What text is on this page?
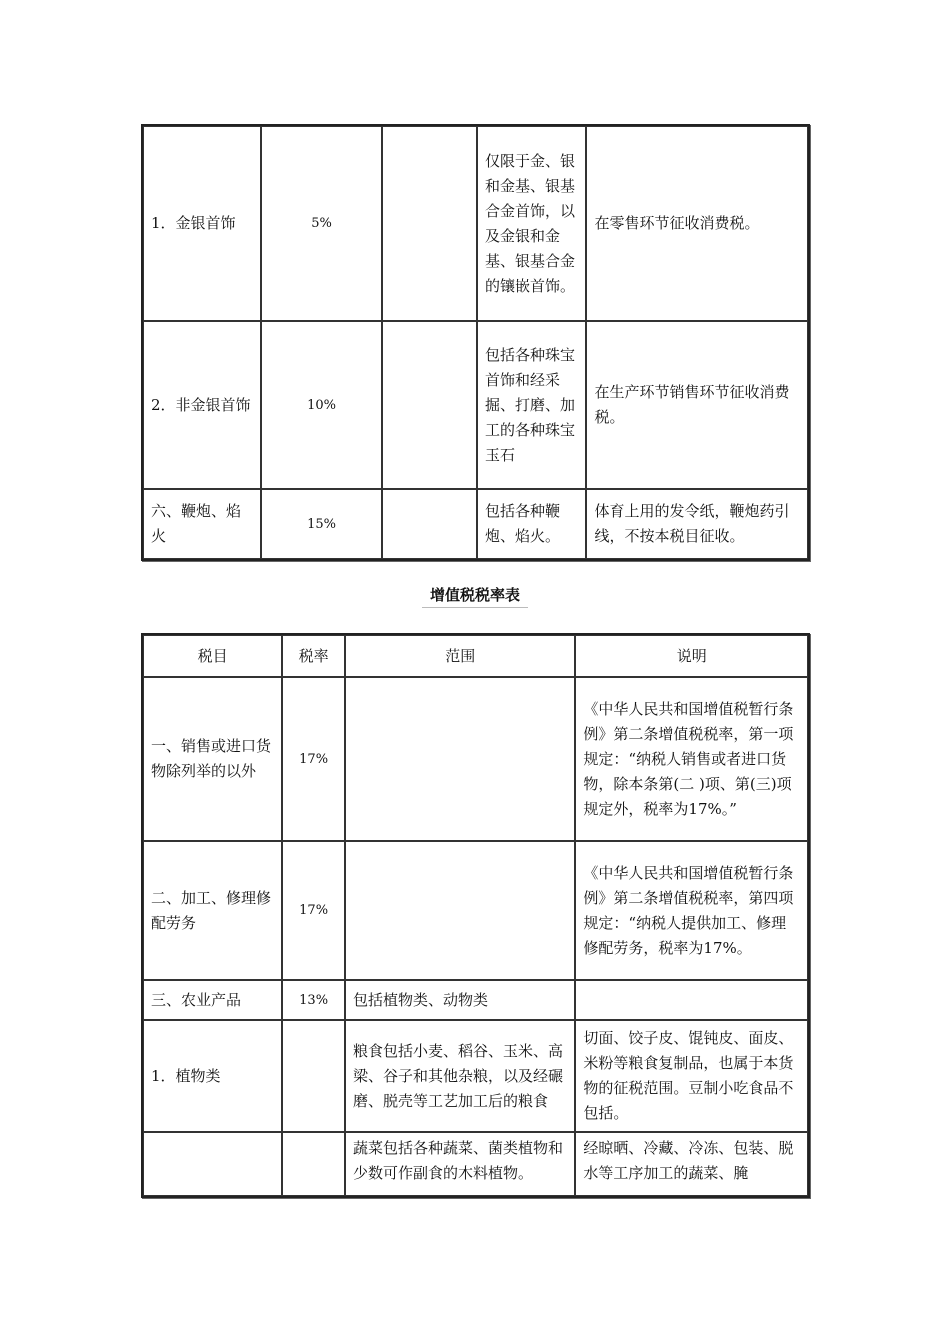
1．金银首饰	5%		仅限于金、银和金基、银基合金首饰，以及金银和金基、银基合金的镶嵌首饰。	在零售环节征收消费税。
2．非金银首饰	10%		包括各种珠宝首饰和经采掘、打磨、加工的各种珠宝玉石	在生产环节销售环节征收消费税。
六、鞭炮、焰火	15%		包括各种鞭炮、焰火。	体育上用的发令纸，鞭炮药引线，不按本税目征收。
增值税税率表
税目	税率	范围	说明
一、销售或进口货物除列举的以外	17%		《中华人民共和国增值税暂行条例》第二条增值税税率，第一项规定：“纳税人销售或者进口货物，除本条第(二 )项、第(三)项规定外，税率为17%。”
二、加工、修理修配劳务	17%		《中华人民共和国增值税暂行条例》第二条增值税税率，第四项规定：“纳税人提供加工、修理修配劳务，税率为17%。
三、农业产品	13%	包括植物类、动物类	
1．植物类		粮食包括小麦、稻谷、玉米、高梁、谷子和其他杂粮，以及经碾磨、脱壳等工艺加工后的粮食	切面、饺子皮、馄钝皮、面皮、米粉等粮食复制品，也属于本货物的征税范围。豆制小吃食品不包括。
		蔬菜包括各种蔬菜、菌类植物和少数可作副食的木料植物。	经晾晒、冷藏、冷冻、包装、脱水等工序加工的蔬菜、腌
